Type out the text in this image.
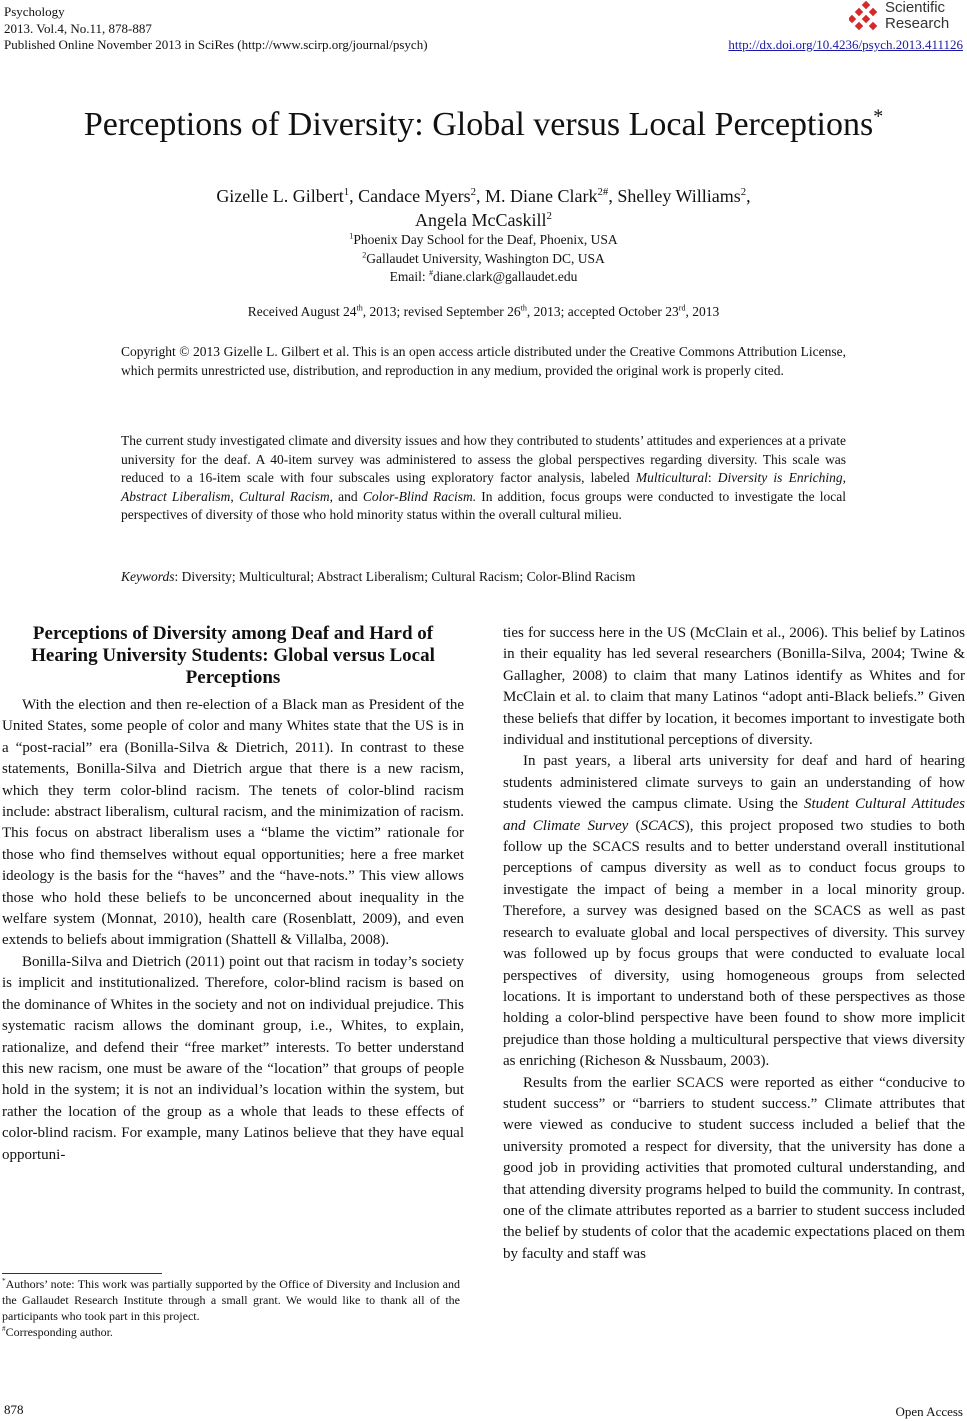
Psychology
2013. Vol.4, No.11, 878-887
Published Online November 2013 in SciRes (http://www.scirp.org/journal/psych)	http://dx.doi.org/10.4236/psych.2013.411126
Scientific
Research
Perceptions of Diversity: Global versus Local Perceptions*
Gizelle L. Gilbert$^1$, Candace Myers$^2$, M. Diane Clark$^{2\#}$, Shelley Williams$^2$,
Angela McCaskill$^2$
$^1$Phoenix Day School for the Deaf, Phoenix, USA
$^2$Gallaudet University, Washington DC, USA
Email: #diane.clark@gallaudet.edu
Received August 24th, 2013; revised September 26th, 2013; accepted October 23rd, 2013
Copyright © 2013 Gizelle L. Gilbert et al. This is an open access article distributed under the Creative Commons Attribution License, which permits unrestricted use, distribution, and reproduction in any medium, provided the original work is properly cited.
The current study investigated climate and diversity issues and how they contributed to students’ attitudes and experiences at a private university for the deaf. A 40-item survey was administered to assess the global perspectives regarding diversity. This scale was reduced to a 16-item scale with four subscales using exploratory factor analysis, labeled Multicultural: Diversity is Enriching, Abstract Liberalism, Cultural Racism, and Color-Blind Racism. In addition, focus groups were conducted to investigate the local perspectives of diversity of those who hold minority status within the overall cultural milieu.
Keywords: Diversity; Multicultural; Abstract Liberalism; Cultural Racism; Color-Blind Racism
Perceptions of Diversity among Deaf and Hard of Hearing University Students: Global versus Local Perceptions

With the election and then re-election of a Black man as President of the United States, some people of color and many Whites state that the US is in a “post-racial” era (Bonilla-Silva & Dietrich, 2011). In contrast to these statements, Bonilla-Silva and Dietrich argue that there is a new racism, which they term color-blind racism. The tenets of color-blind racism include: abstract liberalism, cultural racism, and the minimization of racism. This focus on abstract liberalism uses a “blame the victim” rationale for those who find themselves without equal opportunities; here a free market ideology is the basis for the “haves” and the “have-nots.” This view allows those who hold these beliefs to be unconcerned about inequality in the welfare system (Monnat, 2010), health care (Rosenblatt, 2009), and even extends to beliefs about immigration (Shattell & Villalba, 2008).

Bonilla-Silva and Dietrich (2011) point out that racism in today’s society is implicit and institutionalized. Therefore, color-blind racism is based on the dominance of Whites in the society and not on individual prejudice. This systematic racism allows the dominant group, i.e., Whites, to explain, rationalize, and defend their “free market” interests. To better understand this new racism, one must be aware of the “location” that groups of people hold in the system; it is not an individual’s location within the system, but rather the location of the group as a whole that leads to these effects of color-blind racism. For example, many Latinos believe that they have equal opportuni-

*Authors’ note: This work was partially supported by the Office of Diversity and Inclusion and the Gallaudet Research Institute through a small grant. We would like to thank all of the participants who took part in this project.
#Corresponding author.

ties for success here in the US (McClain et al., 2006). This belief by Latinos in their equality has led several researchers (Bonilla-Silva, 2004; Twine & Gallagher, 2008) to claim that many Latinos identify as Whites and for McClain et al. to claim that many Latinos “adopt anti-Black beliefs.” Given these beliefs that differ by location, it becomes important to investigate both individual and institutional perceptions of diversity.

In past years, a liberal arts university for deaf and hard of hearing students administered climate surveys to gain an understanding of how students viewed the campus climate. Using the Student Cultural Attitudes and Climate Survey (SCACS), this project proposed two studies to both follow up the SCACS results and to better understand overall institutional perceptions of campus diversity as well as to conduct focus groups to investigate the impact of being a member in a local minority group. Therefore, a survey was designed based on the SCACS as well as past research to evaluate global and local perspectives of diversity. This survey was followed up by focus groups that were conducted to evaluate local perspectives of diversity, using homogeneous groups from selected locations. It is important to understand both of these perspectives as those holding a color-blind perspective have been found to show more implicit prejudice than those holding a multicultural perspective that views diversity as enriching (Richeson & Nussbaum, 2003).

Results from the earlier SCACS were reported as either “conducive to student success” or “barriers to student success.” Climate attributes that were viewed as conducive to student success included a belief that the university promoted a respect for diversity, that the university has done a good job in providing activities that promoted cultural understanding, and that attending diversity programs helped to build the community. In contrast, one of the climate attributes reported as a barrier to student success included the belief by students of color that the academic expectations placed on them by faculty and staff was

878	Open Access
